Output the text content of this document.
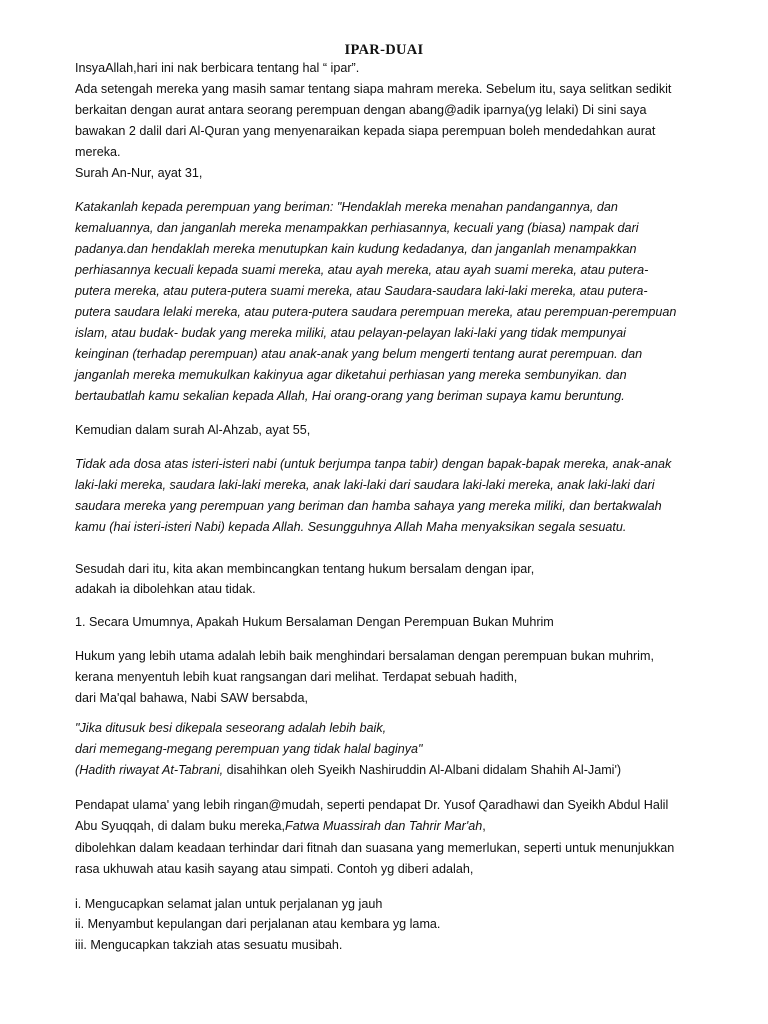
IPAR-DUAI
InsyaAllah,hari ini nak berbicara tentang hal “ ipar”.
Ada setengah mereka yang masih samar tentang siapa mahram mereka. Sebelum itu, saya selitkan sedikit
berkaitan dengan aurat antara seorang perempuan dengan abang@adik iparnya(yg lelaki) Di sini saya
bawakan 2 dalil dari Al-Quran yang menyenaraikan kepada siapa perempuan boleh mendedahkan aurat
mereka.
Surah An-Nur, ayat 31,
Katakanlah kepada perempuan yang beriman: "Hendaklah mereka menahan pandangannya, dan
kemaluannya, dan janganlah mereka menampakkan perhiasannya, kecuali yang (biasa) nampak dari
padanya.dan hendaklah mereka menutupkan kain kudung kedadanya, dan janganlah menampakkan
perhiasannya kecuali kepada suami mereka, atau ayah mereka, atau ayah suami mereka, atau putera-
putera mereka, atau putera-putera suami mereka, atau Saudara-saudara laki-laki mereka, atau putera-
putera saudara lelaki mereka, atau putera-putera saudara perempuan mereka, atau perempuan-perempuan
islam, atau budak- budak yang mereka miliki, atau pelayan-pelayan laki-laki yang tidak mempunyai
keinginan (terhadap perempuan) atau anak-anak yang belum mengerti tentang aurat perempuan. dan
janganlah mereka memukulkan kakinyua agar diketahui perhiasan yang mereka sembunyikan. dan
bertaubatlah kamu sekalian kepada Allah, Hai orang-orang yang beriman supaya kamu beruntung.
Kemudian dalam surah Al-Ahzab, ayat 55,
Tidak ada dosa atas isteri-isteri nabi (untuk berjumpa tanpa tabir) dengan bapak-bapak mereka, anak-anak
laki-laki mereka, saudara laki-laki mereka, anak laki-laki dari saudara laki-laki mereka, anak laki-laki dari
saudara mereka yang perempuan yang beriman dan hamba sahaya yang mereka miliki, dan bertakwalah
kamu (hai isteri-isteri Nabi) kepada Allah. Sesungguhnya Allah Maha menyaksikan segala sesuatu.
Sesudah dari itu, kita akan membincangkan tentang hukum bersalam dengan ipar,
adakah ia dibolehkan atau tidak.
1. Secara Umumnya, Apakah Hukum Bersalaman Dengan Perempuan Bukan Muhrim
Hukum yang lebih utama adalah lebih baik menghindari bersalaman dengan perempuan bukan muhrim,
kerana menyentuh lebih kuat rangsangan dari melihat. Terdapat sebuah hadith,
dari Ma'qal bahawa, Nabi SAW bersabda,
"Jika ditusuk besi dikepala seseorang adalah lebih baik,
dari memegang-megang perempuan yang tidak halal baginya"
(Hadith riwayat At-Tabrani, disahihkan oleh Syeikh Nashiruddin Al-Albani didalam Shahih Al-Jami')
Pendapat ulama' yang lebih ringan@mudah, seperti pendapat Dr. Yusof Qaradhawi dan Syeikh Abdul Halil
Abu Syuqqah, di dalam buku mereka,Fatwa Muassirah dan Tahrir Mar'ah,
dibolehkan dalam keadaan terhindar dari fitnah dan suasana yang memerlukan, seperti untuk menunjukkan
rasa ukhuwah atau kasih sayang atau simpati. Contoh yg diberi adalah,
i. Mengucapkan selamat jalan untuk perjalanan yg jauh
ii. Menyambut kepulangan dari perjalanan atau kembara yg lama.
iii. Mengucapkan takziah atas sesuatu musibah.
